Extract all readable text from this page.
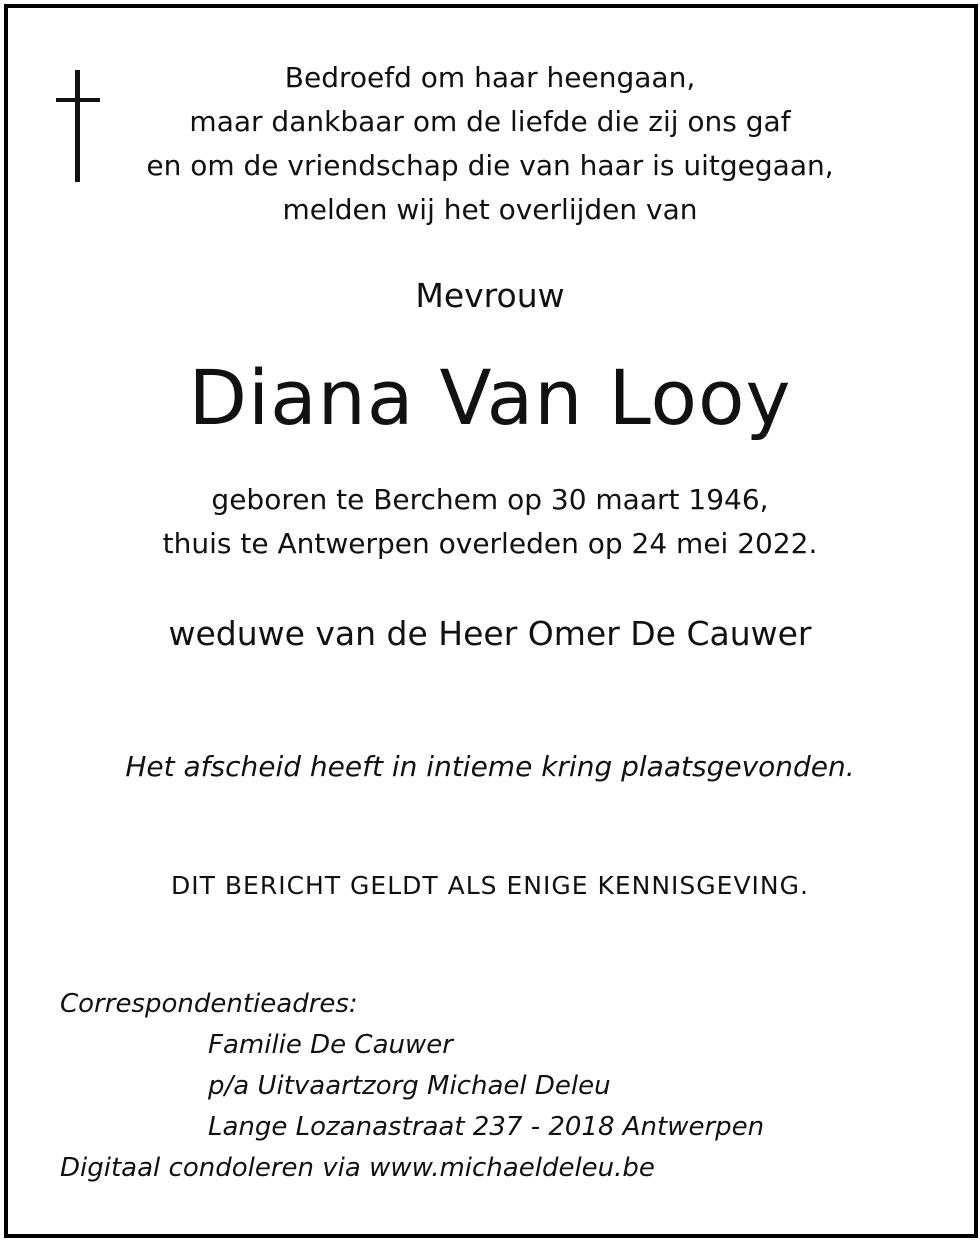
Bedroefd om haar heengaan,
maar dankbaar om de liefde die zij ons gaf
en om de vriendschap die van haar is uitgegaan,
melden wij het overlijden van
Mevrouw
Diana Van Looy
geboren te Berchem op 30 maart 1946,
thuis te Antwerpen overleden op 24 mei 2022.
weduwe van de Heer Omer De Cauwer
Het afscheid heeft in intieme kring plaatsgevonden.
DIT BERICHT GELDT ALS ENIGE KENNISGEVING.
Correspondentieadres:
Familie De Cauwer
p/a Uitvaartzorg Michael Deleu
Lange Lozanastraat 237 - 2018 Antwerpen
Digitaal condoleren via www.michaeldeleu.be
